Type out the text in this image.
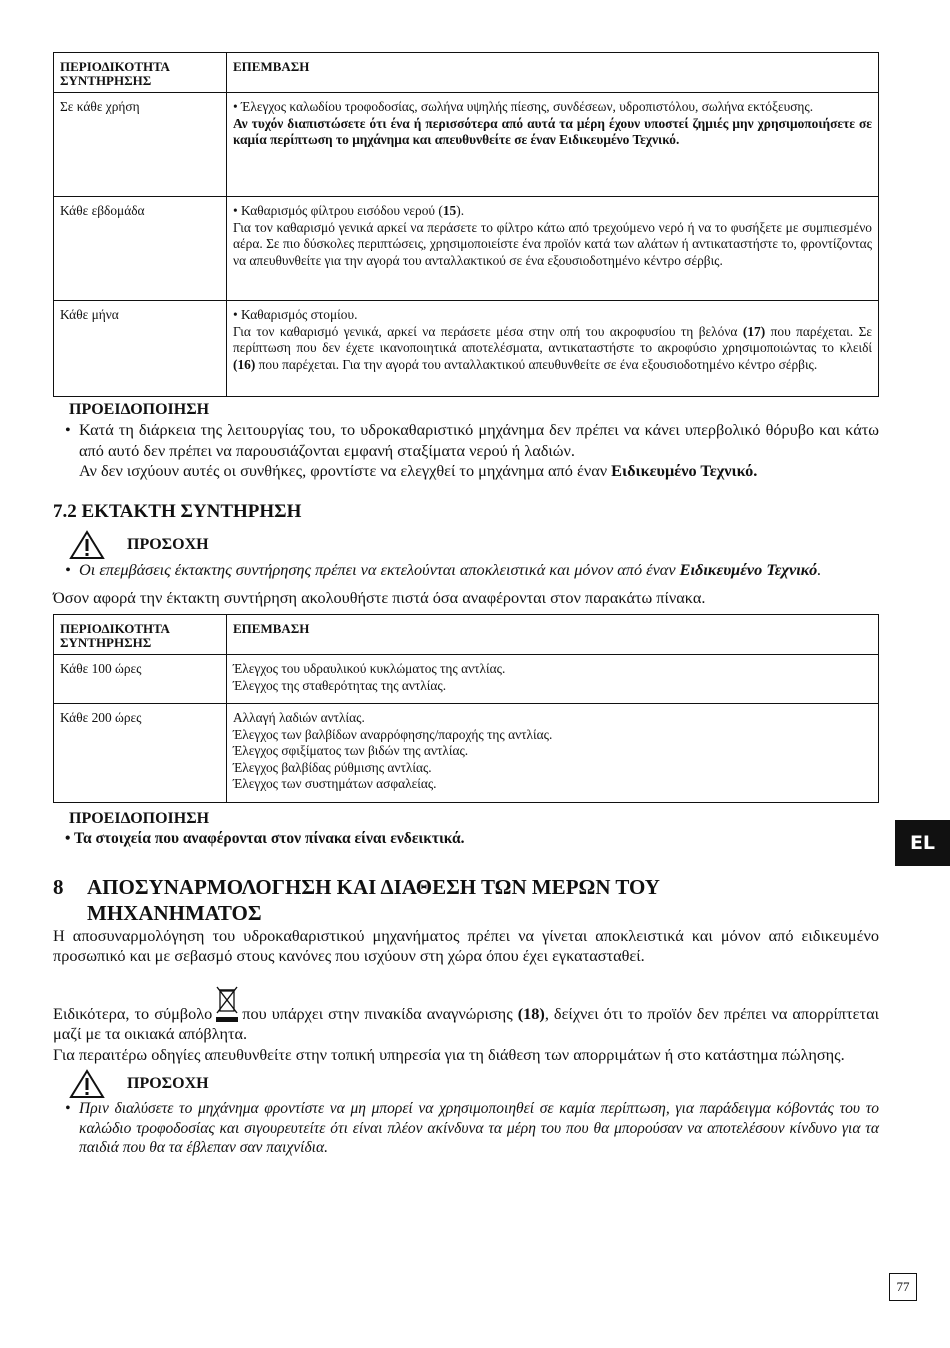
ΠΕΡΙΟΔΙΚΟΤΗΤΑ ΣΥΝΤΗΡΗΣΗΣ	ΕΠΕΜΒΑΣΗ
Σε κάθε χρήση	• Έλεγχος καλωδίου τροφοδοσίας, σωλήνα υψηλής πίεσης, συνδέσεων, υδροπιστόλου, σωλήνα εκτόξευσης.

Αν τυχόν διαπιστώσετε ότι ένα ή περισσότερα από αυτά τα μέρη έχουν υποστεί ζημιές μην χρησιμοποιήσετε σε καμία περίπτωση το μηχάνημα και απευθυνθείτε σε έναν Ειδικευμένο Τεχνικό.

Κάθε εβδομάδα	• Καθαρισμός φίλτρου εισόδου νερού (15).

Για τον καθαρισμό γενικά αρκεί να περάσετε το φίλτρο κάτω από τρεχούμενο νερό ή να το φυσήξετε με συμπιεσμένο αέρα. Σε πιο δύσκολες περιπτώσεις, χρησιμοποιείστε ένα προϊόν κατά των αλάτων ή αντικαταστήστε το, φροντίζοντας να απευθυνθείτε για την αγορά του ανταλλακτικού σε ένα εξουσιοδοτημένο κέντρο σέρβις.

Κάθε μήνα	• Καθαρισμός στομίου.

Για τον καθαρισμό γενικά, αρκεί να περάσετε μέσα στην οπή του ακροφυσίου τη βελόνα (17) που παρέχεται. Σε περίπτωση που δεν έχετε ικανοποιητικά αποτελέσματα, αντικαταστήστε το ακροφύσιο χρησιμοποιώντας το κλειδί (16) που παρέχεται. Για την αγορά του ανταλλακτικού απευθυνθείτε σε ένα εξουσιοδοτημένο κέντρο σέρβις.

ΠΡΟΕΙΔΟΠΟΙΗΣΗ
• Κατά τη διάρκεια της λειτουργίας του, το υδροκαθαριστικό μηχάνημα δεν πρέπει να κάνει υπερβολικό θόρυβο και κάτω από αυτό δεν πρέπει να παρουσιάζονται εμφανή σταξίματα νερού ή λαδιών.

Αν δεν ισχύουν αυτές οι συνθήκες, φροντίστε να ελεγχθεί το μηχάνημα από έναν Ειδικευμένο Τεχνικό.

7.2 ΕΚΤΑΚΤΗ ΣΥΝΤΗΡΗΣΗ

ΠΡΟΣΟΧΗ

• Οι επεμβάσεις έκτακτης συντήρησης πρέπει να εκτελούνται αποκλειστικά και μόνον από έναν Ειδικευμένο Τεχνικό.

Όσον αφορά την έκτακτη συντήρηση ακολουθήστε πιστά όσα αναφέρονται στον παρακάτω πίνακα.

ΠΕΡΙΟΔΙΚΟΤΗΤΑ ΣΥΝΤΗΡΗΣΗΣ	ΕΠΕΜΒΑΣΗ
Κάθε 100 ώρες	Έλεγχος του υδραυλικού κυκλώματος της αντλίας.
Έλεγχος της σταθερότητας της αντλίας.

Κάθε 200 ώρες	Αλλαγή λαδιών αντλίας.
Έλεγχος των βαλβίδων αναρρόφησης/παροχής της αντλίας.
Έλεγχος σφιξίματος των βιδών της αντλίας.
Έλεγχος βαλβίδας ρύθμισης αντλίας.
Έλεγχος των συστημάτων ασφαλείας.
ΠΡΟΕΙΔΟΠΟΙΗΣΗ

• Τα στοιχεία που αναφέρονται στον πίνακα είναι ενδεικτικά.

8	ΑΠΟΣΥΝΑΡΜΟΛΟΓΗΣΗ ΚΑΙ ΔΙΑΘΕΣΗ ΤΩΝ ΜΕΡΩΝ ΤΟΥ
ΜΗΧΑΝΗΜΑΤΟΣ

Η αποσυναρμολόγηση του υδροκαθαριστικού μηχανήματος πρέπει να γίνεται αποκλειστικά και μόνον από ειδικευμένο προσωπικό και με σεβασμό στους κανόνες που ισχύουν στη χώρα όπου έχει εγκατασταθεί.

Ειδικότερα, το σύμβολο που υπάρχει στην πινακίδα αναγνώρισης (18), δείχνει ότι το προϊόν δεν πρέπει να απορρίπτεται μαζί με τα οικιακά απόβλητα.

Για περαιτέρω οδηγίες απευθυνθείτε στην τοπική υπηρεσία για τη διάθεση των απορριμάτων ή στο κατάστημα πώλησης.

ΠΡΟΣΟΧΗ

• Πριν διαλύσετε το μηχάνημα φροντίστε να μη μπορεί να χρησιμοποιηθεί σε καμία περίπτωση, για παράδειγμα κόβοντάς του το καλώδιο τροφοδοσίας και σιγουρευτείτε ότι είναι πλέον ακίνδυνα τα μέρη του που θα μπορούσαν να αποτελέσουν κίνδυνο για τα παιδιά που θα τα έβλεπαν σαν παιχνίδια.

EL
77
